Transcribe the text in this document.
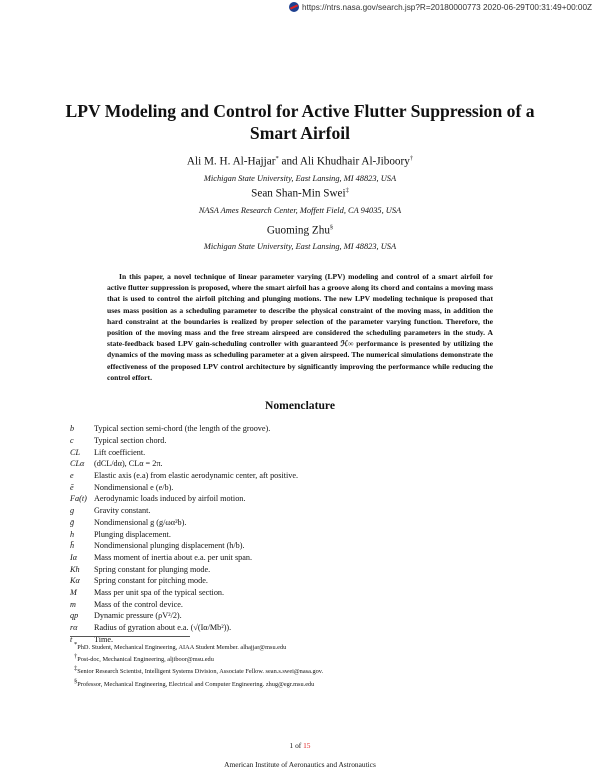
https://ntrs.nasa.gov/search.jsp?R=20180000773 2020-06-29T00:31:49+00:00Z
LPV Modeling and Control for Active Flutter Suppression of a
Smart Airfoil
Ali M. H. Al-Hajjar* and Ali Khudhair Al-Jiboory†
Michigan State University, East Lansing, MI 48823, USA
Sean Shan-Min Swei‡
NASA Ames Research Center, Moffett Field, CA 94035, USA
Guoming Zhu§
Michigan State University, East Lansing, MI 48823, USA
In this paper, a novel technique of linear parameter varying (LPV) modeling and control of a smart airfoil for active flutter suppression is proposed, where the smart airfoil has a groove along its chord and contains a moving mass that is used to control the airfoil pitching and plunging motions. The new LPV modeling technique is proposed that uses mass position as a scheduling parameter to describe the physical constraint of the moving mass, in addition the hard constraint at the boundaries is realized by proper selection of the parameter varying function. Therefore, the position of the moving mass and the free stream airspeed are considered the scheduling parameters in the study. A state-feedback based LPV gain-scheduling controller with guaranteed ℋ∞ performance is presented by utilizing the dynamics of the moving mass as scheduling parameter at a given airspeed. The numerical simulations demonstrate the effectiveness of the proposed LPV control architecture by significantly improving the performance while reducing the control effort.
Nomenclature
b	Typical section semi-chord (the length of the groove).
c	Typical section chord.
CL	Lift coefficient.
CLα	(dCL/dα), CLα = 2π.
e	Elastic axis (e.a) from elastic aerodynamic center, aft positive.
ē	Nondimensional e (e/b).
Fa(t) Aerodynamic loads induced by airfoil motion.
g	Gravity constant.
ḡ	Nondimensional g (g/ωα²b).
h	Plunging displacement.
h̄	Nondimensional plunging displacement (h/b).
Iα	Mass moment of inertia about e.a. per unit span.
Kh	Spring constant for plunging mode.
Kα	Spring constant for pitching mode.
M	Mass per unit spa of the typical section.
m	Mass of the control device.
qp	Dynamic pressure (ρV²/2).
rα	Radius of gyration about e.a. (√(Iα/Mb²)).
t	Time.
*PhD. Student, Mechanical Engineering, AIAA Student Member. alhajjar@msu.edu
†Post-doc, Mechanical Engineering, aljiboor@msu.edu
‡Senior Research Scientist, Intelligent Systems Division, Associate Fellow. sean.s.swei@nasa.gov.
§Professor, Mechanical Engineering, Electrical and Computer Engineering. zhug@egr.msu.edu
1 of 15
American Institute of Aeronautics and Astronautics
